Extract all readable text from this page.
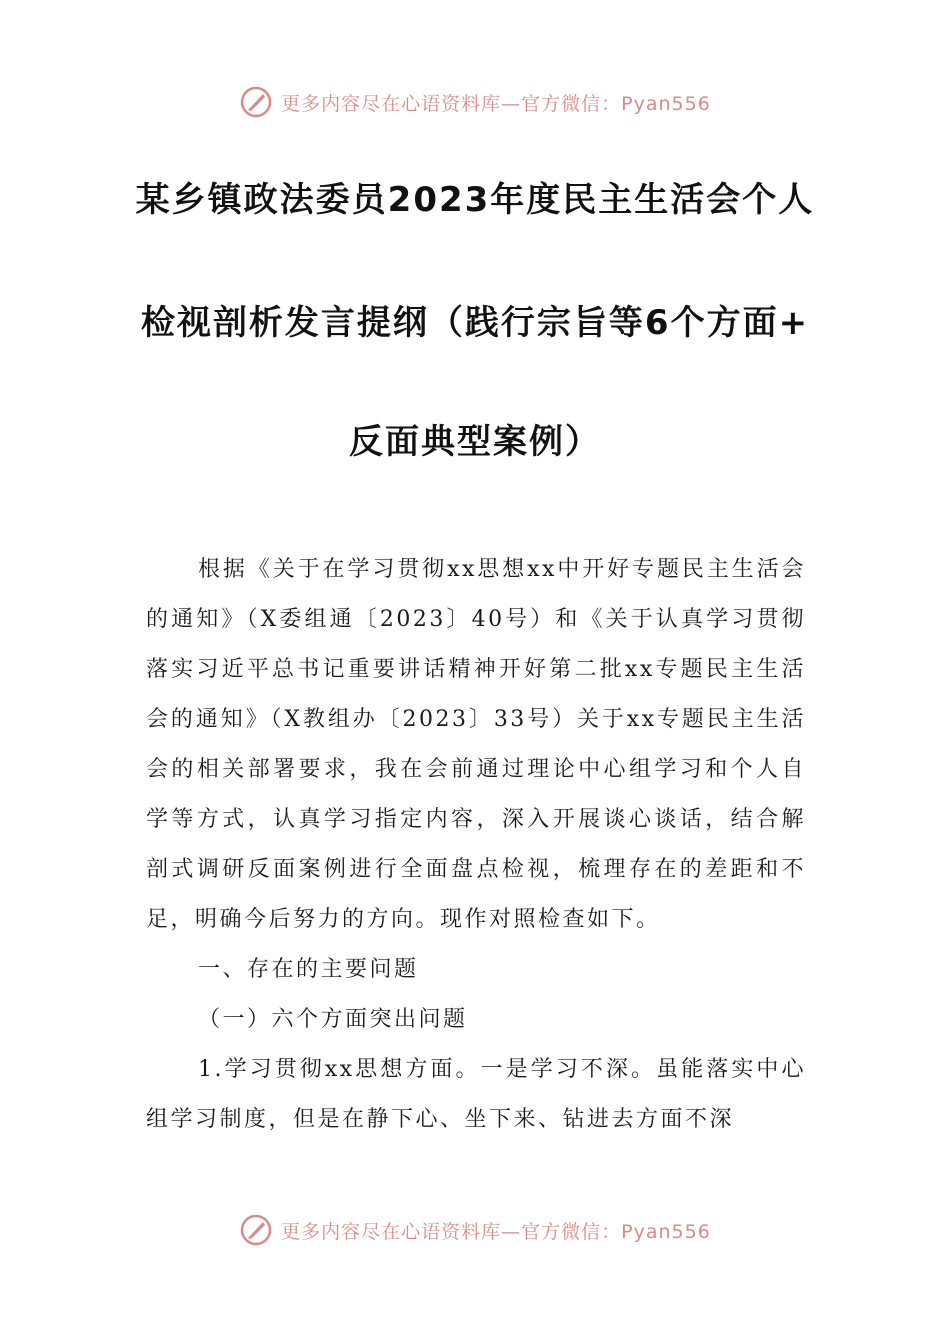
更多内容尽在心语资料库—官方微信：Pyan556
某乡镇政法委员2023年度民主生活会个人
检视剖析发言提纲（践行宗旨等6个方面+
反面典型案例）

根据《关于在学习贯彻xx思想xx中开好专题民主生活会的通知》（X委组通〔2023〕40号）和《关于认真学习贯彻落实习近平总书记重要讲话精神开好第二批xx专题民主生活会的通知》（X教组办〔2023〕33号）关于xx专题民主生活会的相关部署要求，我在会前通过理论中心组学习和个人自学等方式，认真学习指定内容，深入开展谈心谈话，结合解剖式调研反面案例进行全面盘点检视，梳理存在的差距和不足，明确今后努力的方向。现作对照检查如下。

一、存在的主要问题

（一）六个方面突出问题

1.学习贯彻xx思想方面。一是学习不深。虽能落实中心组学习制度，但是在静下心、坐下来、钻进去方面不深

更多内容尽在心语资料库—官方微信：Pyan556
